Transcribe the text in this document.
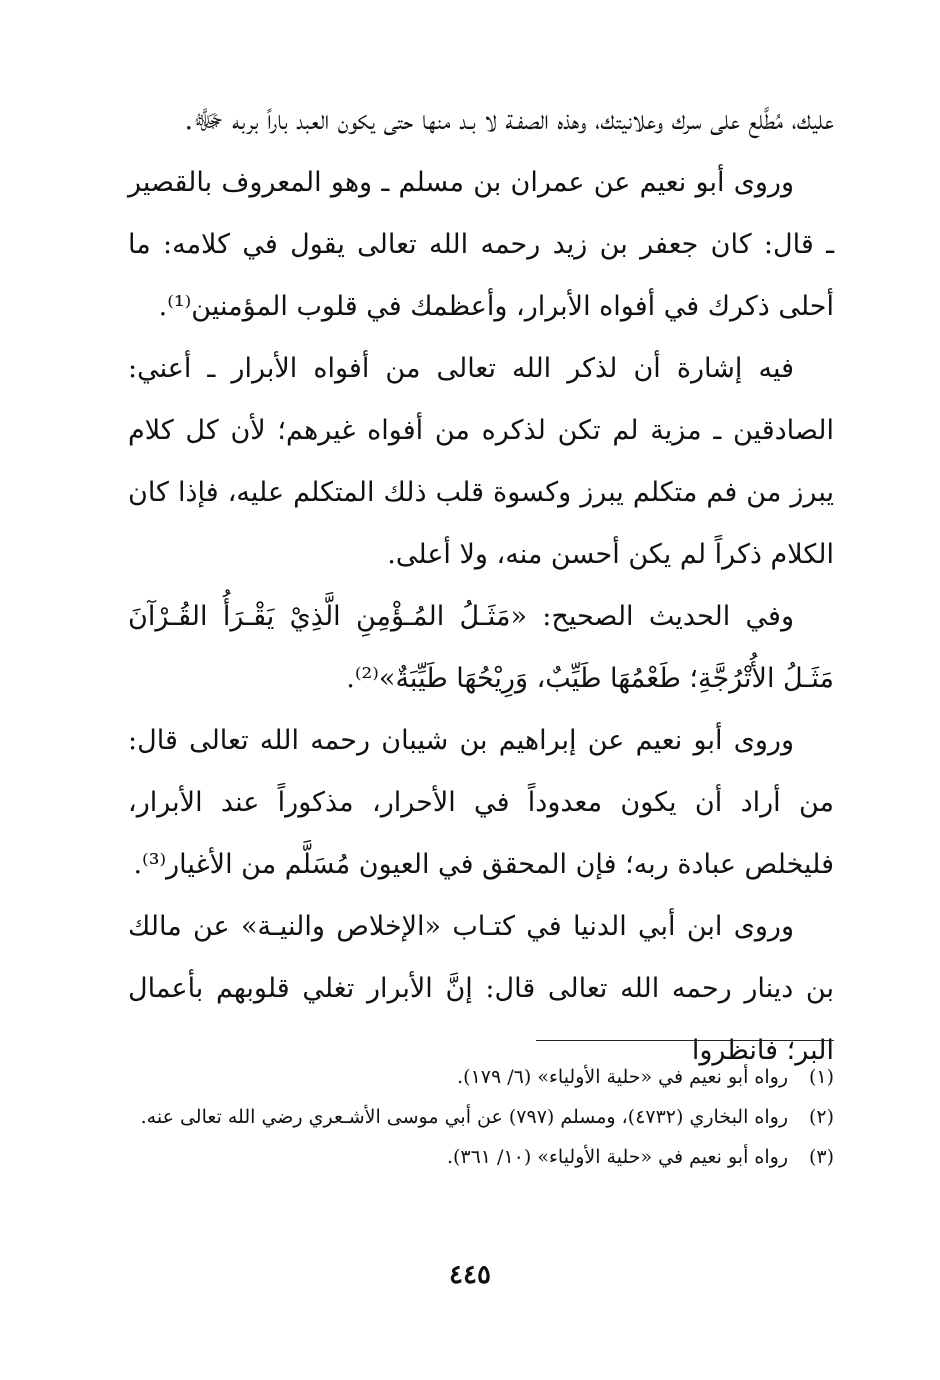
عليك، مُطَّلع على سرك وعلانيتك، وهذه الصفـة لا بـد منها حتى يكون العبد باراً بربه ﷻ.

وروى أبو نعيم عن عمران بن مسلم ـ وهو المعروف بالقصير ـ قال: كان جعفر بن زيد رحمه الله تعالى يقول في كلامه: ما أحلى ذكرك في أفواه الأبرار، وأعظمك في قلوب المؤمنين⁽¹⁾.

فيه إشارة أن لذكر الله تعالى من أفواه الأبرار ـ أعني: الصادقين ـ مزية لم تكن لذكره من أفواه غيرهم؛ لأن كل كلام يبرز من فم متكلم يبرز وكسوة قلب ذلك المتكلم عليه، فإذا كان الكلام ذكراً لم يكن أحسن منه، ولا أعلى.

وفي الحديث الصحيح: «مَثَـلُ المُـؤْمِنِ الَّذِيْ يَقْـرَأُ القُـرْآنَ مَثَـلُ الأُتْرُجَّةِ؛ طَعْمُهَا طَيِّبٌ، وَرِيْحُهَا طَيِّبَةٌ»⁽²⁾.

وروى أبو نعيم عن إبراهيم بن شيبان رحمه الله تعالى قال: من أراد أن يكون معدوداً في الأحرار، مذكوراً عند الأبرار، فليخلص عبادة ربه؛ فإن المحقق في العيون مُسَلَّم من الأغيار⁽³⁾.

وروى ابن أبي الدنيا في كتـاب «الإخلاص والنيـة» عن مالك بن دينار رحمه الله تعالى قال: إنَّ الأبرار تغلي قلوبهم بأعمال البر؛ فانظروا

(١)
رواه أبو نعيم في «حلية الأولياء» (٦/ ١٧٩).
(٢)
رواه البخاري (٤٧٣٢)، ومسلم (٧٩٧) عن أبي موسى الأشـعري رضي الله تعالى عنه.
(٣)
رواه أبو نعيم في «حلية الأولياء» (١٠/ ٣٦١).
٤٤٥
